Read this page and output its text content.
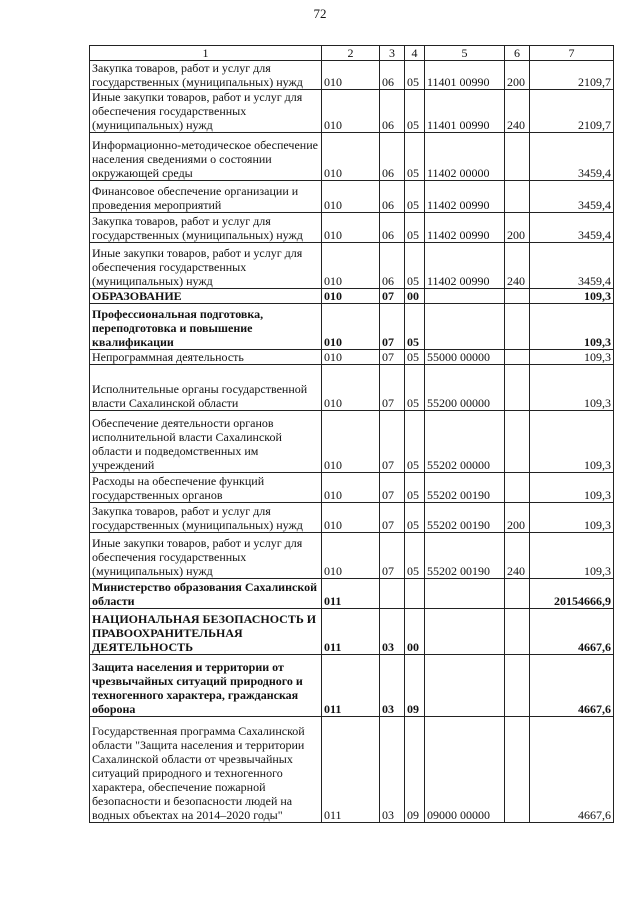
72
1	2	3	4	5	6	7
Закупка товаров, работ и услуг для государственных (муниципальных) нужд	010	06	05	11401 00990	200	2109,7
Иные закупки товаров, работ и услуг для обеспечения государственных (муниципальных) нужд	010	06	05	11401 00990	240	2109,7
Информационно-методическое обеспечение населения сведениями о состоянии окружающей среды	010	06	05	11402 00000		3459,4
Финансовое обеспечение организации и проведения мероприятий	010	06	05	11402 00990		3459,4
Закупка товаров, работ и услуг для государственных (муниципальных) нужд	010	06	05	11402 00990	200	3459,4
Иные закупки товаров, работ и услуг для обеспечения государственных (муниципальных) нужд	010	06	05	11402 00990	240	3459,4
ОБРАЗОВАНИЕ	010	07	00			109,3
Профессиональная подготовка, переподготовка и повышение квалификации	010	07	05			109,3
Непрограммная деятельность	010	07	05	55000 00000		109,3
Исполнительные органы государственной власти Сахалинской области	010	07	05	55200 00000		109,3
Обеспечение деятельности органов исполнительной власти Сахалинской области и подведомственных им учреждений	010	07	05	55202 00000		109,3
Расходы на обеспечение функций государственных органов	010	07	05	55202 00190		109,3
Закупка товаров, работ и услуг для государственных (муниципальных) нужд	010	07	05	55202 00190	200	109,3
Иные закупки товаров, работ и услуг для обеспечения государственных (муниципальных) нужд	010	07	05	55202 00190	240	109,3
Министерство образования Сахалинской области	011					20154666,9
НАЦИОНАЛЬНАЯ БЕЗОПАСНОСТЬ И ПРАВООХРАНИТЕЛЬНАЯ ДЕЯТЕЛЬНОСТЬ	011	03	00			4667,6
Защита населения и территории от чрезвычайных ситуаций природного и техногенного характера, гражданская оборона	011	03	09			4667,6
Государственная программа Сахалинской области "Защита населения и территории Сахалинской области от чрезвычайных ситуаций природного и техногенного характера, обеспечение пожарной безопасности и безопасности людей на водных объектах на 2014–2020 годы"	011	03	09	09000 00000		4667,6
